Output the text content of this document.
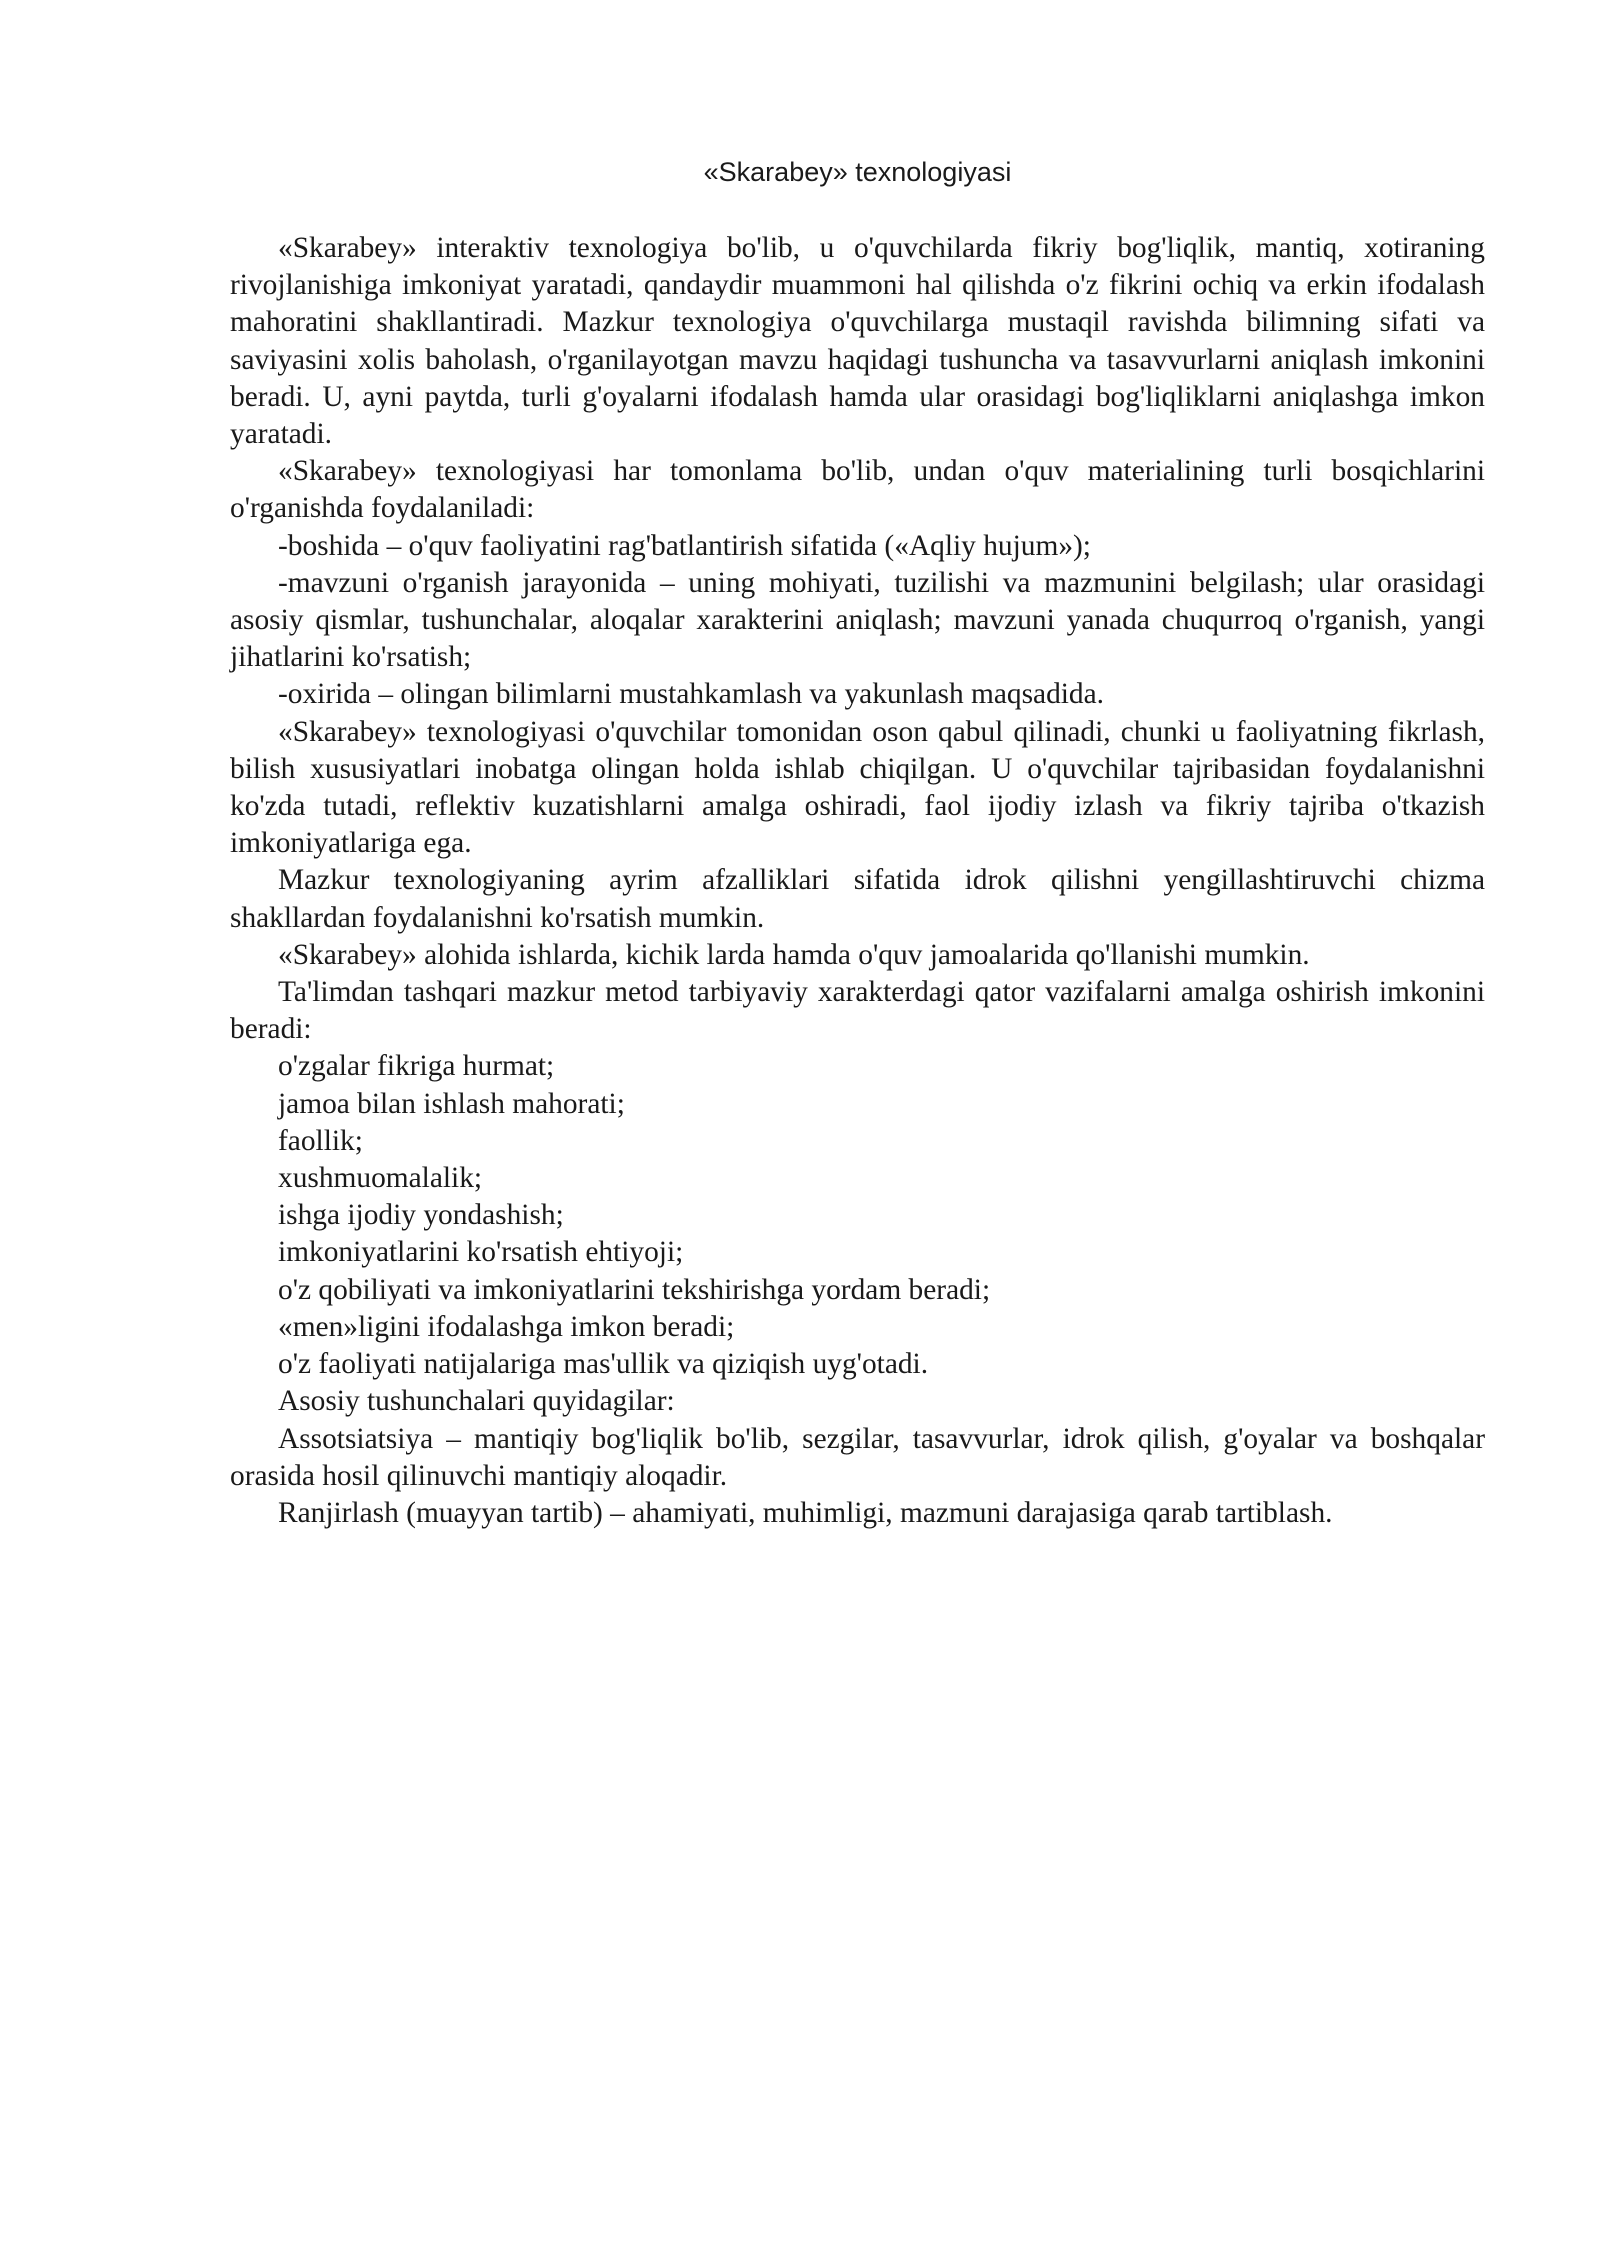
«Skarabey» texnologiyasi

«Skarabey» interaktiv texnologiya bo'lib, u o'quvchilarda fikriy bog'liqlik, mantiq, xotiraning rivojlanishiga imkoniyat yaratadi, qandaydir muammoni hal qilishda o'z fikrini ochiq va erkin ifodalash mahoratini shakllantiradi. Mazkur texnologiya o'quvchilarga mustaqil ravishda bilimning sifati va saviyasini xolis baholash, o'rganilayotgan mavzu haqidagi tushuncha va tasavvurlarni aniqlash imkonini beradi. U, ayni paytda, turli g'oyalarni ifodalash hamda ular orasidagi bog'liqliklarni aniqlashga imkon yaratadi.

«Skarabey» texnologiyasi har tomonlama bo'lib, undan o'quv materialining turli bosqichlarini o'rganishda foydalaniladi:

-boshida – o'quv faoliyatini rag'batlantirish sifatida («Aqliy hujum»);

-mavzuni o'rganish jarayonida – uning mohiyati, tuzilishi va mazmunini belgilash; ular orasidagi asosiy qismlar, tushunchalar, aloqalar xarakterini aniqlash; mavzuni yanada chuqurroq o'rganish, yangi jihatlarini ko'rsatish;

-oxirida – olingan bilimlarni mustahkamlash va yakunlash maqsadida.

«Skarabey» texnologiyasi o'quvchilar tomonidan oson qabul qilinadi, chunki u faoliyatning fikrlash, bilish xususiyatlari inobatga olingan holda ishlab chiqilgan. U o'quvchilar tajribasidan foydalanishni ko'zda tutadi, reflektiv kuzatishlarni amalga oshiradi, faol ijodiy izlash va fikriy tajriba o'tkazish imkoniyatlariga ega.

Mazkur texnologiyaning ayrim afzalliklari sifatida idrok qilishni yengillashtiruvchi chizma shakllardan foydalanishni ko'rsatish mumkin.

«Skarabey» alohida ishlarda, kichik larda hamda o'quv jamoalarida qo'llanishi mumkin.

Ta'limdan tashqari mazkur metod tarbiyaviy xarakterdagi qator vazifalarni amalga oshirish imkonini beradi:

o'zgalar fikriga hurmat;

jamoa bilan ishlash mahorati;

faollik;

xushmuomalalik;

ishga ijodiy yondashish;

imkoniyatlarini ko'rsatish ehtiyoji;

o'z qobiliyati va imkoniyatlarini tekshirishga yordam beradi;

«men»ligini ifodalashga imkon beradi;

o'z faoliyati natijalariga mas'ullik va qiziqish uyg'otadi.

Asosiy tushunchalari quyidagilar:

Assotsiatsiya – mantiqiy bog'liqlik bo'lib, sezgilar, tasavvurlar, idrok qilish, g'oyalar va boshqalar orasida hosil qilinuvchi mantiqiy aloqadir.

Ranjirlash (muayyan tartib) – ahamiyati, muhimligi, mazmuni darajasiga qarab tartiblash.
